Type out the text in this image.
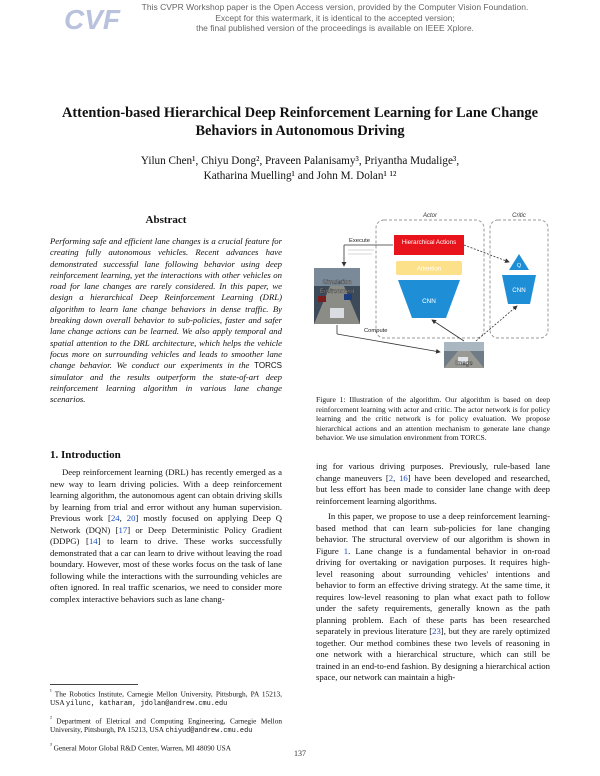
CVF	This CVPR Workshop paper is the Open Access version, provided by the Computer Vision Foundation.
Except for this watermark, it is identical to the accepted version;
the final published version of the proceedings is available on IEEE Xplore.
Attention-based Hierarchical Deep Reinforcement Learning for Lane Change
Behaviors in Autonomous Driving
Yilun Chen¹, Chiyu Dong², Praveen Palanisamy³, Priyantha Mudalige³,
Katharina Muelling¹ and John M. Dolan¹ ¹²
Abstract
Performing safe and efficient lane changes is a crucial feature for creating fully autonomous vehicles. Recent advances have demonstrated successful lane following behavior using deep reinforcement learning, yet the interactions with other vehicles on road for lane changes are rarely considered. In this paper, we design a hierarchical Deep Reinforcement Learning (DRL) algorithm to learn lane change behaviors in dense traffic. By breaking down overall behavior to sub-policies, faster and safer lane change actions can be learned. We also apply temporal and spatial attention to the DRL architecture, which helps the vehicle focus more on surrounding vehicles and leads to smoother lane change behavior. We conduct our experiments in the TORCS simulator and the results outperform the state-of-art deep reinforcement learning algorithm in various lane change scenarios.
1. Introduction

Deep reinforcement learning (DRL) has recently emerged as a new way to learn driving policies. With a deep reinforcement learning algorithm, the autonomous agent can obtain driving skills by learning from trial and error without any human supervision. Previous work [24, 20] mostly focused on applying Deep Q Network (DQN) [17] or Deep Deterministic Policy Gradient (DDPG) [14] to learn to drive. These works successfully demonstrated that a car can learn to drive without leaving the road boundary. However, most of these works focus on the task of lane following while the interactions with the surrounding vehicles are often ignored. In real traffic scenarios, we need to consider more complex interactive behaviors such as lane chang-

ing for various driving purposes. Previously, rule-based lane change maneuvers [2, 16] have been developed and researched, but less effort has been made to consider lane change with deep reinforcement learning algorithms.

In this paper, we propose to use a deep reinforcement learning-based method that can learn sub-policies for lane changing behavior. The structural overview of our algorithm is shown in Figure 1. Lane change is a fundamental behavior in on-road driving for overtaking or navigation purposes. It requires high-level reasoning about surrounding vehicles' intentions and behavior to form an effective driving strategy. At the same time, it requires low-level reasoning to plan what exact path to follow under the safety requirements, generally known as the path planning problem. Each of these parts has been researched separately in previous literature [23], but they are rarely optimized together. Our method combines these two levels of reasoning in one network with a hierarchical structure, which can still be trained in an end-to-end fashion. By designing a hierarchical action space, our network can maintain a high-

$^{^1}$ The Robotics Institute, Carnegie Mellon University, Pittsburgh, PA 15213, USA yilunc, katharam, jdolan@andrew.cmu.edu
$^{^2}$ Department of Eletrical and Computing Engineering, Carnegie Mellon University, Pittsburgh, PA 15213, USA chiyud@andrew.cmu.edu
$^{^3}$ General Motor Global R&D Center, Warren, MI 48090 USA
Actor	Critic
Hierarchical Actions
Attention
CNN
Q
CNN
Simulation
Environment
Execute
Compute
Image
Figure 1: Illustration of the algorithm. Our algorithm is based on deep reinforcement learning with actor and critic. The actor network is for policy learning and the critic network is for policy evaluation. We propose hierarchical actions and an attention mechanism to generate lane change behavior. We use simulation environment from TORCS.
137
